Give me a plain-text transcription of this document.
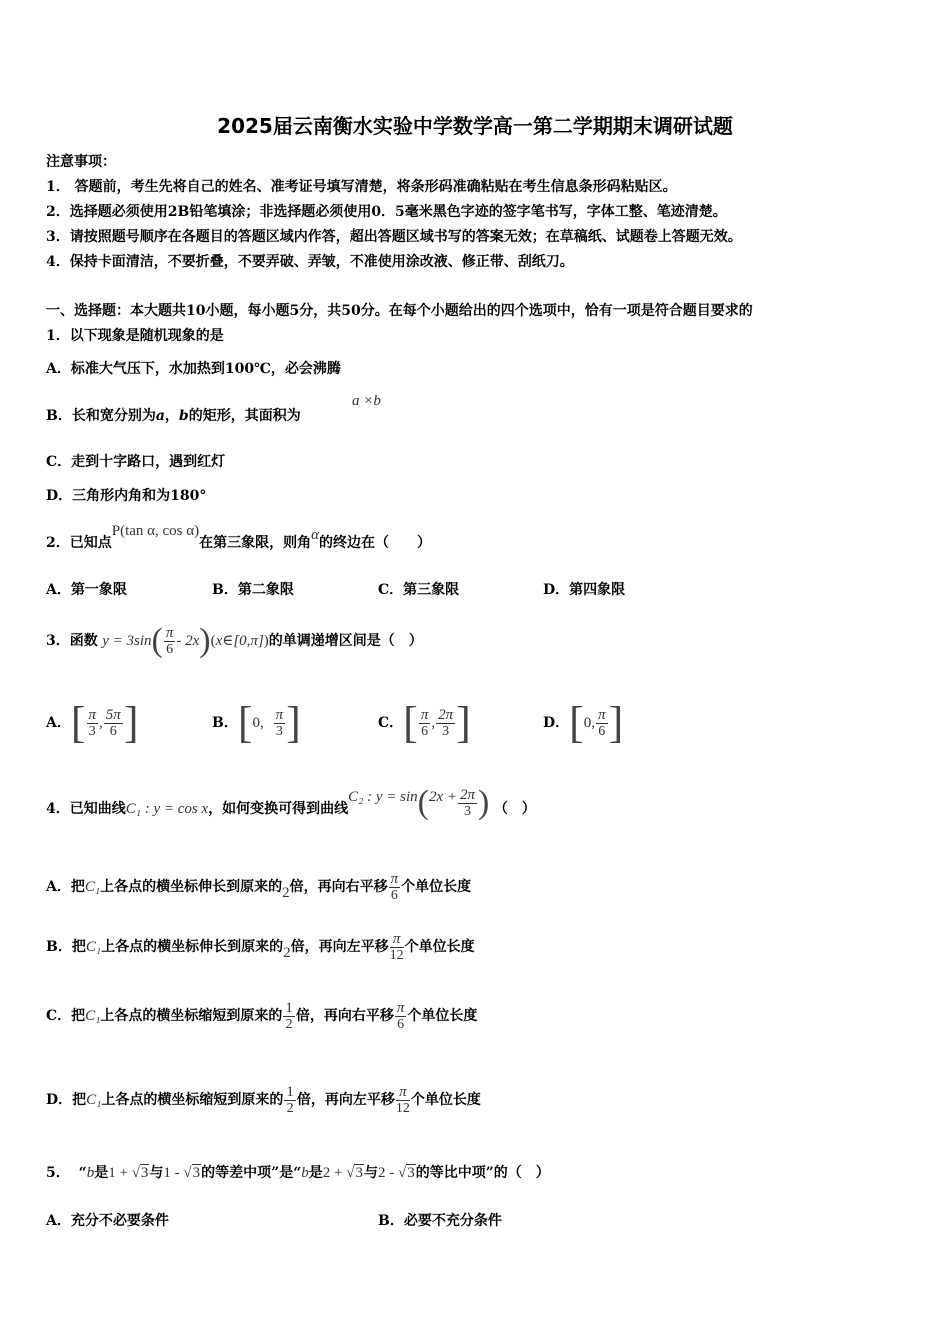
2025届云南衡水实验中学数学高一第二学期期末调研试题
注意事项：
1． 答题前，考生先将自己的姓名、准考证号填写清楚，将条形码准确粘贴在考生信息条形码粘贴区。
2．选择题必须使用2B铅笔填涂；非选择题必须使用0．5毫米黑色字迹的签字笔书写，字体工整、笔迹清楚。
3．请按照题号顺序在各题目的答题区域内作答，超出答题区域书写的答案无效；在草稿纸、试题卷上答题无效。
4．保持卡面清洁，不要折叠，不要弄破、弄皱，不准使用涂改液、修正带、刮纸刀。
一、选择题：本大题共10小题，每小题5分，共50分。在每个小题给出的四个选项中，恰有一项是符合题目要求的
1．以下现象是随机现象的是
A．标准大气压下，水加热到100℃，必会沸腾
B．长和宽分别为a，b的矩形，其面积为
a ×b
C．走到十字路口，遇到红灯
D．三角形内角和为180°
2．已知点P(tan α, cos α)在第三象限，则角α的终边在（　　）
A．第一象限	B．第二象限	C．第三象限	D．第四象限
3．函数 $y = 3\sin( \frac{\pi}{6}$ - 2x)(x∈[0,π])的单调递增区间是（　）
A．[ $\frac{\pi}{3}$ , $\frac{5\pi}{6}$ ]	B．[0, $\frac{\pi}{3}$ ]	C．[ $\frac{\pi}{6}$ , $\frac{2\pi}{3}$ ]	D．[0, $\frac{\pi}{6}$ ]
4．已知曲线C₁ : y = cos x，如何变换可得到曲线C₂ : $y = \sin(2x + \frac{2\pi}{3}$ ) （　）
A．把C₁上各点的横坐标伸长到原来的2倍，再向右平移 $\frac{\pi}{6}$ 个单位长度
B．把C₁上各点的横坐标伸长到原来的2倍，再向左平移 $\frac{\pi}{12}$ 个单位长度
C．把C₁上各点的横坐标缩短到原来的 $\frac{1}{2}$ 倍，再向右平移 $\frac{\pi}{6}$ 个单位长度
D．把C₁上各点的横坐标缩短到原来的 $\frac{1}{2}$ 倍，再向左平移 $\frac{\pi}{12}$ 个单位长度
5． “b是1 + √3与1 - √3的等差中项”是“b是2 + √3与2 - √3的等比中项”的（　）
A．充分不必要条件	B．必要不充分条件
